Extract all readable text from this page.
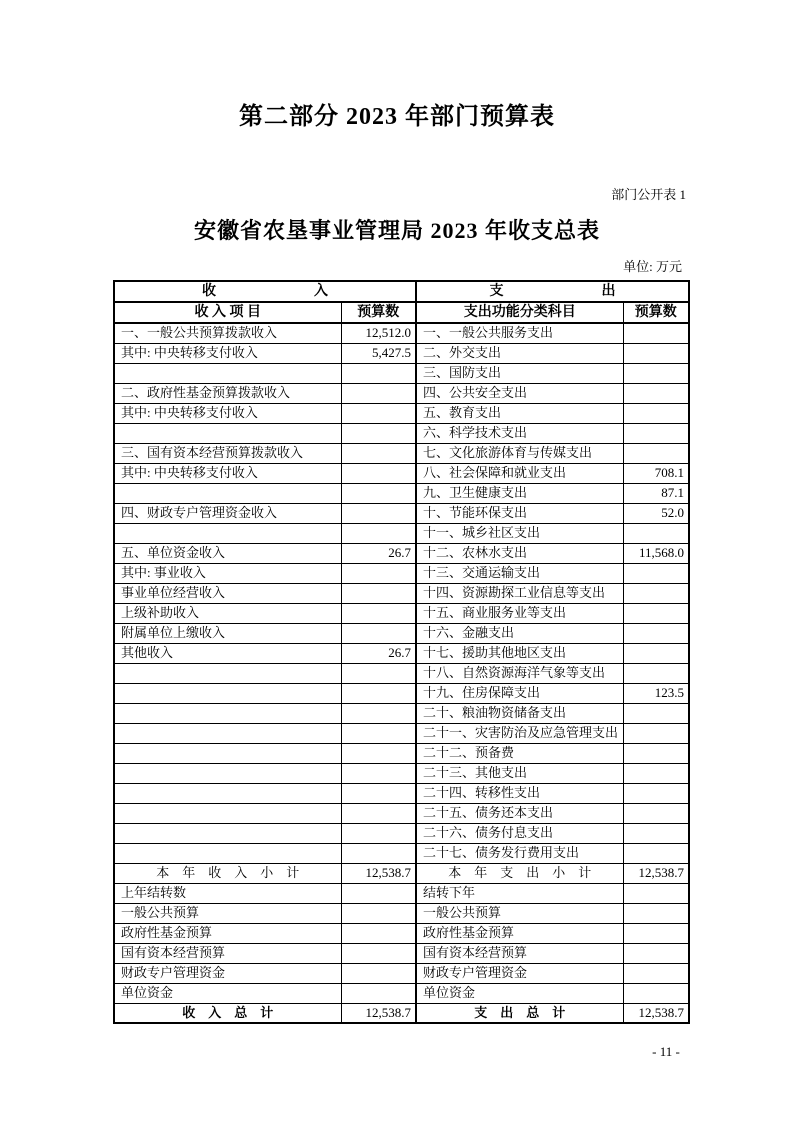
第二部分 2023 年部门预算表
部门公开表 1
安徽省农垦事业管理局 2023 年收支总表
单位: 万元
收　　　　　　　入		支　　　　　　　出	
收 入 项 目	预算数	支出功能分类科目	预算数
一、一般公共预算拨款收入	12,512.0	一、一般公共服务支出	
其中: 中央转移支付收入	5,427.5	二、外交支出	
		三、国防支出	
二、政府性基金预算拨款收入		四、公共安全支出	
其中: 中央转移支付收入		五、教育支出	
		六、科学技术支出	
三、国有资本经营预算拨款收入		七、文化旅游体育与传媒支出	
其中: 中央转移支付收入		八、社会保障和就业支出	708.1
		九、卫生健康支出	87.1
四、财政专户管理资金收入		十、节能环保支出	52.0
		十一、城乡社区支出	
五、单位资金收入	26.7	十二、农林水支出	11,568.0
其中: 事业收入		十三、交通运输支出	
事业单位经营收入		十四、资源勘探工业信息等支出	
上级补助收入		十五、商业服务业等支出	
附属单位上缴收入		十六、金融支出	
其他收入	26.7	十七、援助其他地区支出	
		十八、自然资源海洋气象等支出	
		十九、住房保障支出	123.5
		二十、粮油物资储备支出	
		二十一、灾害防治及应急管理支出	
		二十二、预备费	
		二十三、其他支出	
		二十四、转移性支出	
		二十五、债务还本支出	
		二十六、债务付息支出	
		二十七、债务发行费用支出	
本　年　收　入　小　计	12,538.7	本　年　支　出　小　计	12,538.7
上年结转数		结转下年	
一般公共预算		一般公共预算	
政府性基金预算		政府性基金预算	
国有资本经营预算		国有资本经营预算	
财政专户管理资金		财政专户管理资金	
单位资金		单位资金	
收　入　总　计	12,538.7	支　出　总　计	12,538.7
- 11 -
